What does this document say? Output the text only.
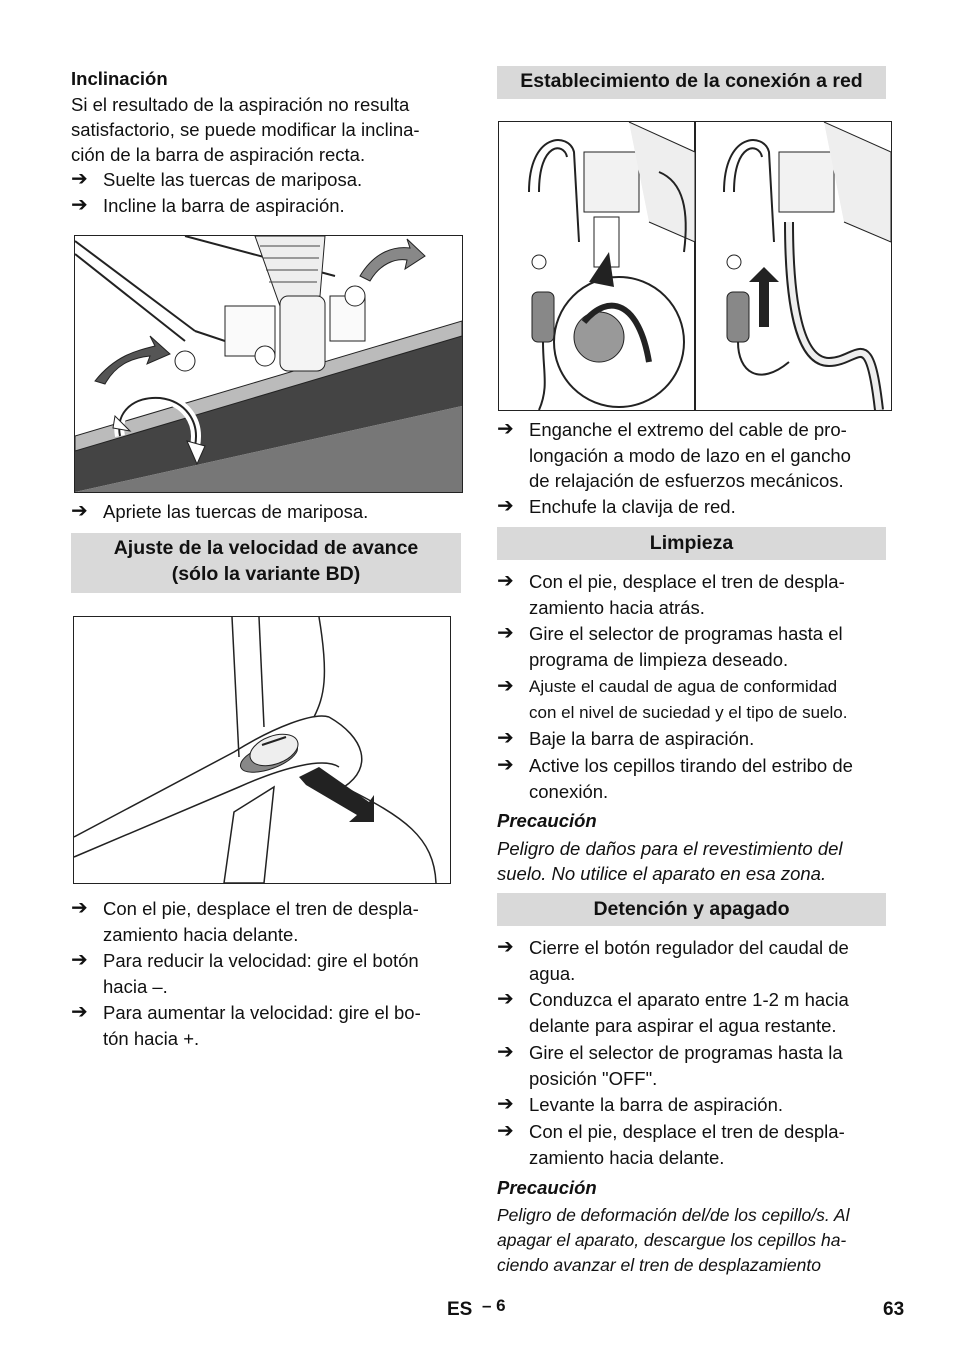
Inclinación
Si el resultado de la aspiración no resulta
satisfactorio, se puede modificar la inclina-
ción de la barra de aspiración recta.
➔ Suelte las tuercas de mariposa.
➔ Incline la barra de aspiración.
➔ Apriete las tuercas de mariposa.
Ajuste de la velocidad de avance
(sólo la variante BD)
➔ Con el pie, desplace el tren de despla-
zamiento hacia delante.
➔ Para reducir la velocidad: gire el botón
hacia –.
➔ Para aumentar la velocidad: gire el bo-
tón hacia +.
Establecimiento de la conexión a red
➔ Enganche el extremo del cable de pro-
longación a modo de lazo en el gancho
de relajación de esfuerzos mecánicos.
➔ Enchufe la clavija de red.
Limpieza
➔ Con el pie, desplace el tren de despla-
zamiento hacia atrás.
➔ Gire el selector de programas hasta el
programa de limpieza deseado.
➔ Ajuste el caudal de agua de conformidad
con el nivel de suciedad y el tipo de suelo.
➔ Baje la barra de aspiración.
➔ Active los cepillos tirando del estribo de
conexión.
Precaución
Peligro de daños para el revestimiento del
suelo. No utilice el aparato en esa zona.
Detención y apagado
➔ Cierre el botón regulador del caudal de
agua.
➔ Conduzca el aparato entre 1-2 m hacia
delante para aspirar el agua restante.
➔ Gire el selector de programas hasta la
posición "OFF".
➔ Levante la barra de aspiración.
➔ Con el pie, desplace el tren de despla-
zamiento hacia delante.
Precaución
Peligro de deformación del/de los cepillo/s. Al
apagar el aparato, descargue los cepillos ha-
ciendo avanzar el tren de desplazamiento
ES – 6	63
